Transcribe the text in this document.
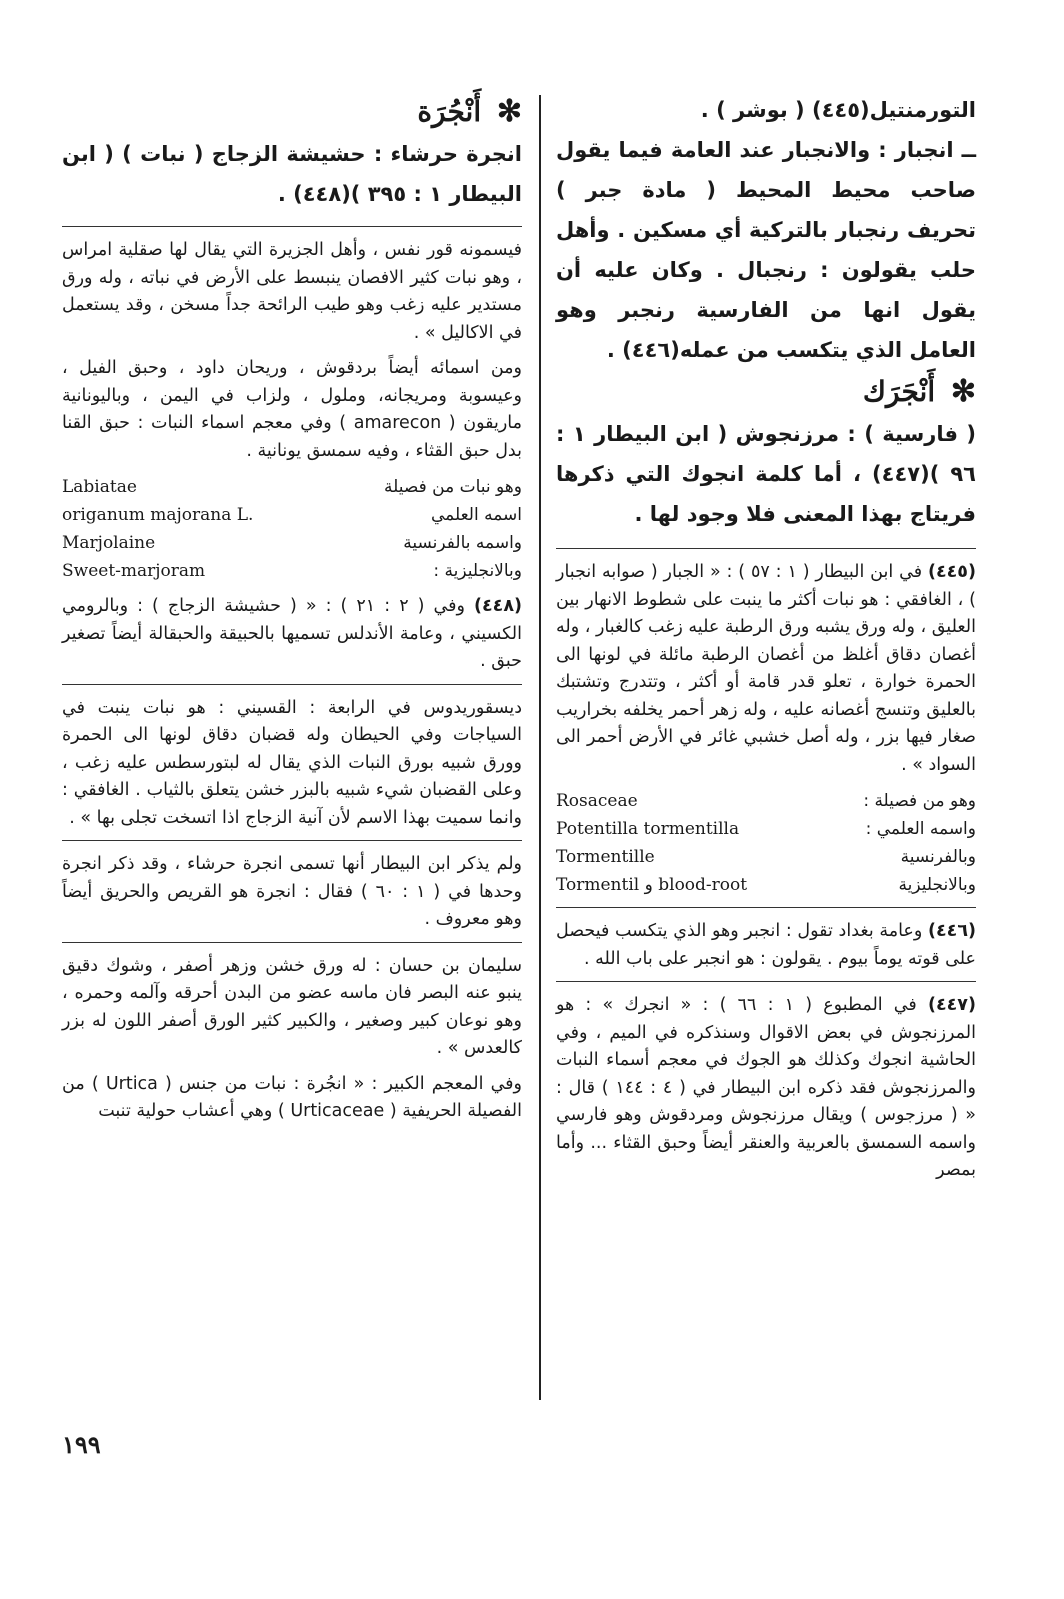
التورمنتيل(٤٤٥) ( بوشر ) .

ــ انجبار : والانجبار عند العامة فيما يقول صاحب محيط المحيط ( مادة جبر ) تحريف رنجبار بالتركية أي مسكين . وأهل حلب يقولون : رنجبال . وكان عليه أن يقول انها من الفارسية رنجبر وهو العامل الذي يتكسب من عمله(٤٤٦) .

✻ أَنْجَرَك

( فارسية ) : مرزنجوش ( ابن البيطار ١ : ٩٦ )(٤٤٧) ، أما كلمة انجوك التي ذكرها فريتاج بهذا المعنى فلا وجود لها .

(٤٤٥) في ابن البيطار ( ١ : ٥٧ ) : « الجبار ( صوابه انجبار ) ، الغافقي : هو نبات أكثر ما ينبت على شطوط الانهار بين العليق ، وله ورق يشبه ورق الرطبة عليه زغب كالغبار ، وله أغصان دقاق أغلظ من أغصان الرطبة مائلة في لونها الى الحمرة خوارة ، تعلو قدر قامة أو أكثر ، وتتدرج وتشتبك بالعليق وتنسج أغصانه عليه ، وله زهر أحمر يخلفه بخراريب صغار فيها بزر ، وله أصل خشبي غائر في الأرض أحمر الى السواد » .

وهو من فصيلة :
Rosaceae
واسمه العلمي :
Potentilla tormentilla
وبالفرنسية
Tormentille
وبالانجليزية
Tormentil و blood-root

(٤٤٦) وعامة بغداد تقول : انجبر وهو الذي يتكسب فيحصل على قوته يوماً بيوم . يقولون : هو انجبر على باب الله .

(٤٤٧) في المطبوع ( ١ : ٦٦ ) : « انجرك » : هو المرزنجوش في بعض الاقوال وسنذكره في الميم ، وفي الحاشية انجوك وكذلك هو الجوك في معجم أسماء النبات والمرزنجوش فقد ذكره ابن البيطار في ( ٤ : ١٤٤ ) قال : « ( مرزجوس ) ويقال مرزنجوش ومردقوش وهو فارسي واسمه السمسق بالعربية والعنقر أيضاً وحبق القثاء ... وأما بمصر

✻ أَنْجُرَة

انجرة حرشاء : حشيشة الزجاج ( نبات ) ( ابن البيطار ١ : ٣٩٥ )(٤٤٨) .

فيسمونه قور نفس ، وأهل الجزيرة التي يقال لها صقلية امراس ، وهو نبات كثير الافصان ينبسط على الأرض في نباته ، وله ورق مستدير عليه زغب وهو طيب الرائحة جداً مسخن ، وقد يستعمل في الاكاليل » .

ومن اسمائه أيضاً بردقوش ، وريحان داود ، وحبق الفيل ، وعيسوبة ومريجانه، وملول ، ولزاب في اليمن ، وباليونانية ماريقون ( amarecon ) وفي معجم اسماء النبات : حبق القنا بدل حبق القثاء ، وفيه سمسق يونانية .

وهو نبات من فصيلة
Labiatae
اسمه العلمي
origanum majorana L.
واسمه بالفرنسية
Marjolaine
وبالانجليزية :
Sweet-marjoram

(٤٤٨) وفي ( ٢ : ٢١ ) : « ( حشيشة الزجاج ) : وبالرومي الكسيني ، وعامة الأندلس تسميها بالحبيقة والحبقالة أيضاً تصغير حبق .

ديسقوريدوس في الرابعة : القسيني : هو نبات ينبت في السياجات وفي الحيطان وله قضبان دقاق لونها الى الحمرة وورق شبيه بورق النبات الذي يقال له لبتورسطس عليه زغب ، وعلى القضبان شيء شبيه بالبزر خشن يتعلق بالثياب . الغافقي : وانما سميت بهذا الاسم لأن آنية الزجاج اذا اتسخت تجلى بها » .

ولم يذكر ابن البيطار أنها تسمى انجرة حرشاء ، وقد ذكر انجرة وحدها في ( ١ : ٦٠ ) فقال : انجرة هو القريص والحريق أيضاً وهو معروف .

سليمان بن حسان : له ورق خشن وزهر أصفر ، وشوك دقيق ينبو عنه البصر فان ماسه عضو من البدن أحرقه وآلمه وحمره ، وهو نوعان كبير وصغير ، والكبير كثير الورق أصفر اللون له بزر كالعدس » .

وفي المعجم الكبير : « انجُرة : نبات من جنس ( Urtica ) من الفصيلة الحريفية ( Urticaceae ) وهي أعشاب حولية تنبت

١٩٩
